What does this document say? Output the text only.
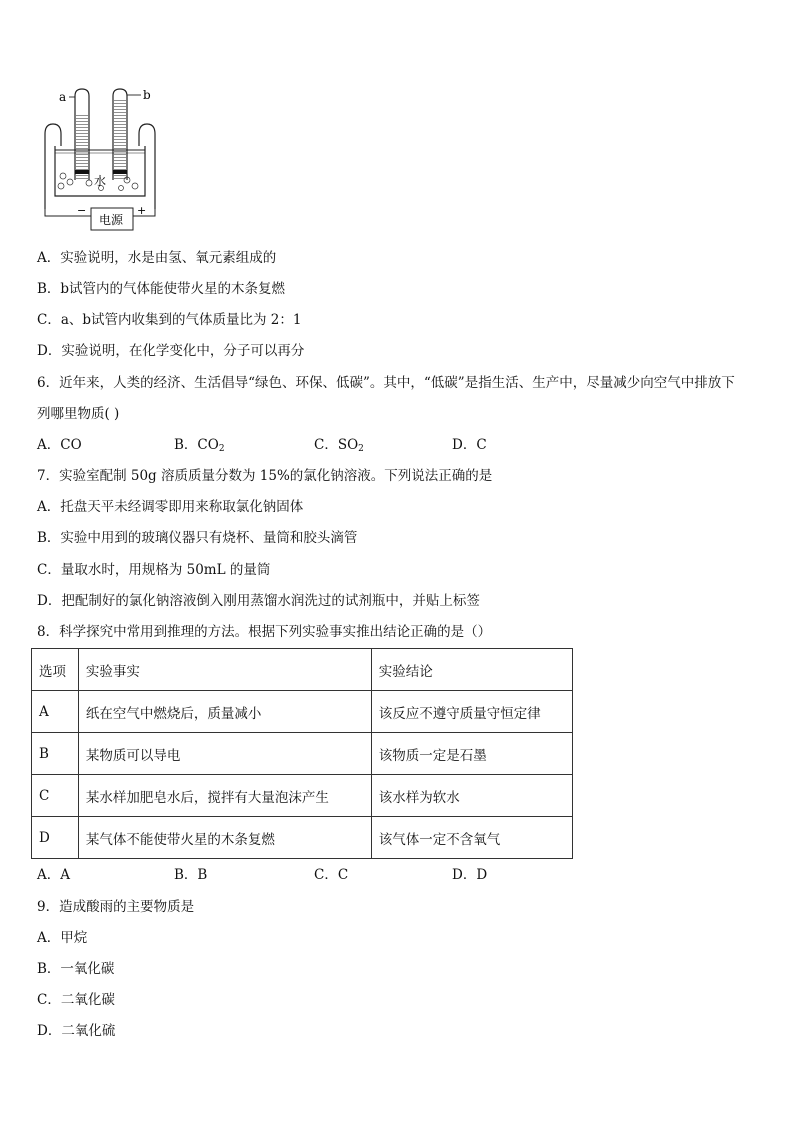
a	b
水
电源
−	+
A．实验说明，水是由氢、氧元素组成的
B．b试管内的气体能使带火星的木条复燃
C．a、b试管内收集到的气体质量比为 2：1
D．实验说明，在化学变化中，分子可以再分
6．近年来，人类的经济、生活倡导“绿色、环保、低碳”。其中，“低碳”是指生活、生产中，尽量减少向空气中排放下
列哪里物质( )
A．CO	B．$CO_2$	C．$SO_2$	D．C
7．实验室配制 50g 溶质质量分数为 15%的氯化钠溶液。下列说法正确的是
A．托盘天平未经调零即用来称取氯化钠固体
B．实验中用到的玻璃仪器只有烧杯、量筒和胶头滴管
C．量取水时，用规格为 50mL 的量筒
D．把配制好的氯化钠溶液倒入刚用蒸馏水润洗过的试剂瓶中，并贴上标签
8．科学探究中常用到推理的方法。根据下列实验事实推出结论正确的是（）
选项	实验事实	实验结论
A	纸在空气中燃烧后，质量减小	该反应不遵守质量守恒定律
B	某物质可以导电	该物质一定是石墨
C	某水样加肥皂水后，搅拌有大量泡沫产生	该水样为软水
D	某气体不能使带火星的木条复燃	该气体一定不含氧气
A．A	B．B	C．C	D．D
9．造成酸雨的主要物质是
A．甲烷
B．一氧化碳
C．二氧化碳
D．二氧化硫
